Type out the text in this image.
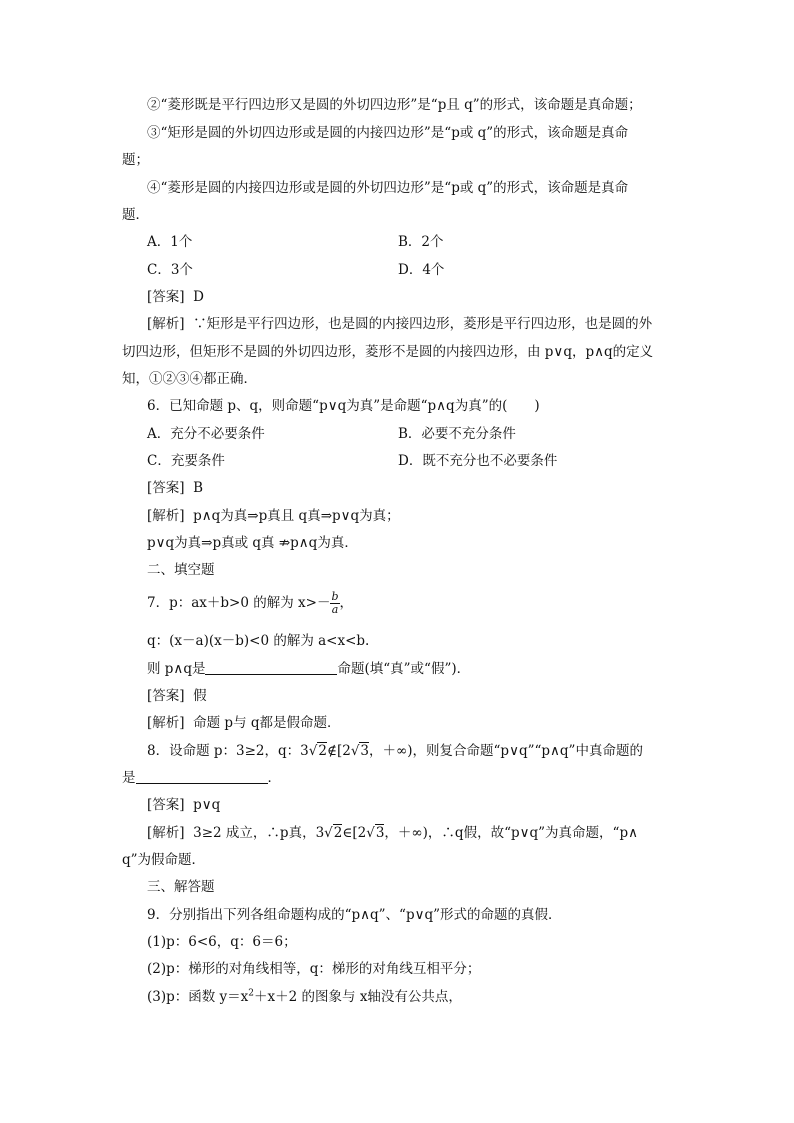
②“菱形既是平行四边形又是圆的外切四边形”是“p且 q”的形式，该命题是真命题；
③“矩形是圆的外切四边形或是圆的内接四边形”是“p或 q”的形式，该命题是真命
题；
④“菱形是圆的内接四边形或是圆的外切四边形”是“p或 q”的形式，该命题是真命
题．
A．1个	B．2个
C．3个	D．4个
[答案] D
[解析] ∵矩形是平行四边形，也是圆的内接四边形，菱形是平行四边形，也是圆的外
切四边形，但矩形不是圆的外切四边形，菱形不是圆的内接四边形，由 p∨q，p∧q的定义
知，①②③④都正确．
6．已知命题 p、q，则命题“p∨q为真”是命题“p∧q为真”的(　　)
A．充分不必要条件	B．必要不充分条件
C．充要条件	D．既不充分也不必要条件
[答案] B
[解析] p∧q为真⇒p真且 q真⇒p∨q为真；
p∨q为真⇒p真或 q真 ⇏p∧q为真．
二、填空题
7．p：ax＋b>0 的解为 $x>- \frac{b}{a}$ ，
q：(x－a)(x－b)<0 的解为 a<x<b.
则 p∧q是	命题(填“真”或“假”)．
[答案] 假
[解析] 命题 p与 q都是假命题．
8．设命题 p：3≥2，q：3√2∉[2√3，＋∞)，则复合命题“p∨q”“p∧q”中真命题的
是	．
[答案] p∨q
[解析] 3≥2 成立，∴p真，3√2∈[2√3，＋∞)，∴q假，故“p∨q”为真命题，“p∧
q”为假命题．
三、解答题
9．分别指出下列各组命题构成的“p∧q”、“p∨q”形式的命题的真假．
(1)p：6<6，q：6＝6；
(2)p：梯形的对角线相等，q：梯形的对角线互相平分；
(3)p：函数 $y=x^2+x+2$ 的图象与 x轴没有公共点，
